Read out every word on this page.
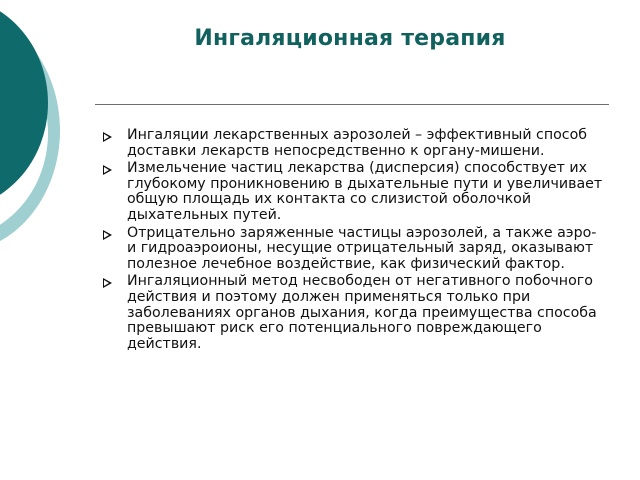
Ингаляционная терапия
Ингаляции лекарственных аэрозолей – эффективный способ доставки лекарств непосредственно к органу-мишени.
Измельчение частиц лекарства (дисперсия) способствует их глубокому проникновению в дыхательные пути и увеличивает общую площадь их контакта со слизистой оболочкой дыхательных путей.
Отрицательно заряженные частицы аэрозолей, а также аэро- и гидроаэроионы, несущие отрицательный заряд, оказывают полезное лечебное воздействие, как физический фактор.
Ингаляционный метод несвободен от негативного побочного действия и поэтому должен применяться только при заболеваниях органов дыхания, когда преимущества способа превышают риск его потенциального повреждающего действия.
